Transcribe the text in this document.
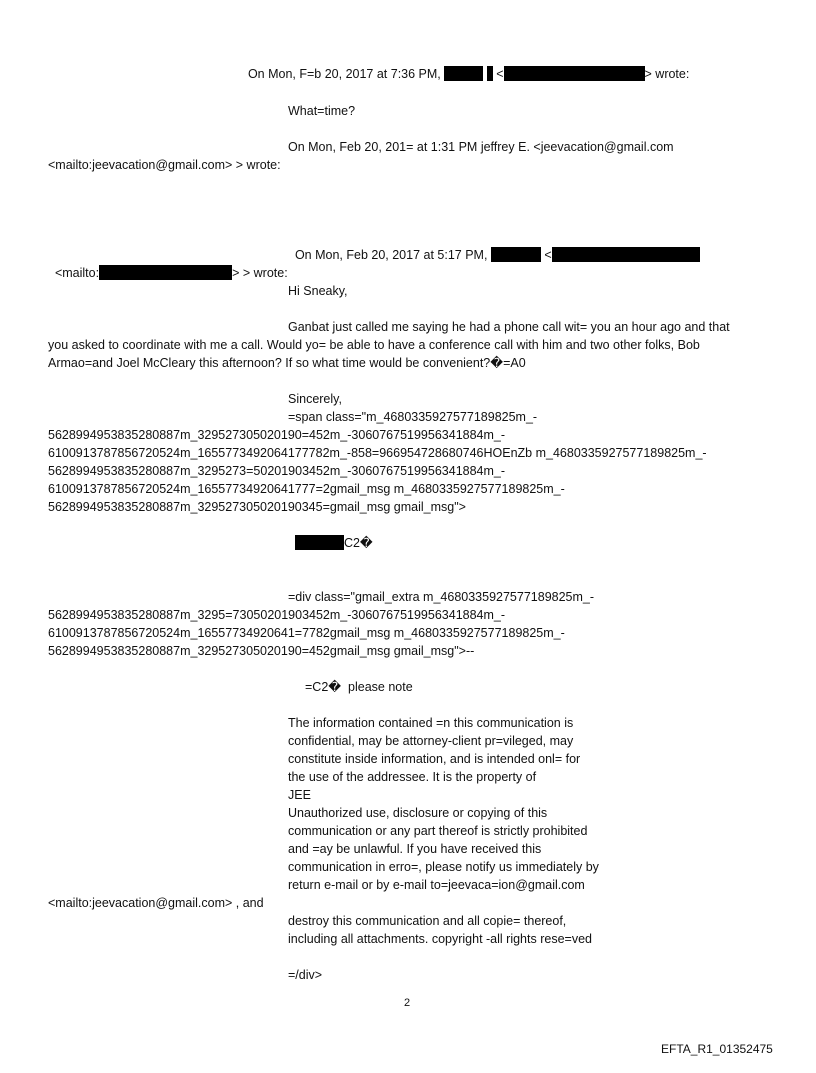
On Mon, F=b 20, 2017 at 7:36 PM,	<	> wrote:

What=time?
On Mon, Feb 20, 201= at 1:31 PM jeffrey E. <jeevacation@gmail.com
<mailto:jeevacation@gmail.com> > wrote:

On Mon, Feb 20, 2017 at 5:17 PM,	<

<mailto:	> > wrote:

Hi Sneaky,
Ganbat just called me saying he had a phone call wit= you an hour ago and that
you asked to coordinate with me a call. Would yo= be able to have a conference call with him and two other folks, Bob
Armao=and Joel McCleary this afternoon? If so what time would be convenient?�=A0
Sincerely,
=span class="m_4680335927577189825m_-
5628994953835280887m_329527305020190=452m_-3060767519956341884m_-
6100913787856720524m_1655773492064177782m_-858=966954728680746HOEnZb m_4680335927577189825m_-
5628994953835280887m_3295273=50201903452m_-3060767519956341884m_-
6100913787856720524m_16557734920641777=2gmail_msg m_4680335927577189825m_-
5628994953835280887m_329527305020190345=gmail_msg gmail_msg">

C2�

=div class="gmail_extra m_4680335927577189825m_-
5628994953835280887m_3295=73050201903452m_-3060767519956341884m_-
6100913787856720524m_16557734920641=7782gmail_msg m_4680335927577189825m_-
5628994953835280887m_329527305020190=452gmail_msg gmail_msg">--
=C2�  please note
The information contained =n this communication is
confidential, may be attorney-client pr=vileged, may
constitute inside information, and is intended onl= for
the use of the addressee. It is the property of
JEE
Unauthorized use, disclosure or copying of this
communication or any part thereof is strictly prohibited
and =ay be unlawful. If you have received this
communication in erro=, please notify us immediately by
return e-mail or by e-mail to=jeevaca=ion@gmail.com
<mailto:jeevacation@gmail.com> , and
destroy this communication and all copie= thereof,
including all attachments. copyright -all rights rese=ved
=/div>
2
EFTA_R1_01352475
